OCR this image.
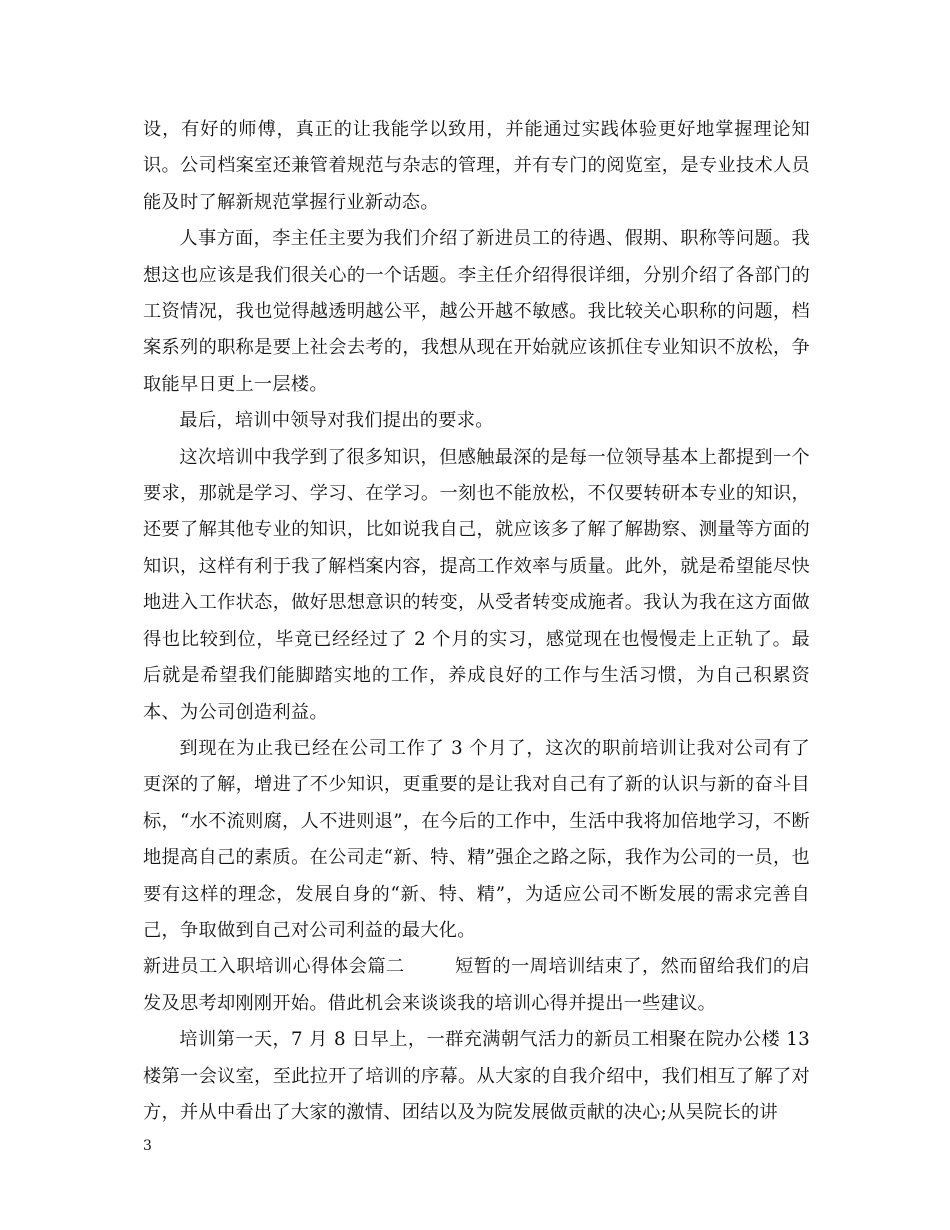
设，有好的师傅，真正的让我能学以致用，并能通过实践体验更好地掌握理论知识。公司档案室还兼管着规范与杂志的管理，并有专门的阅览室，是专业技术人员能及时了解新规范掌握行业新动态。

人事方面，李主任主要为我们介绍了新进员工的待遇、假期、职称等问题。我想这也应该是我们很关心的一个话题。李主任介绍得很详细，分别介绍了各部门的工资情况，我也觉得越透明越公平，越公开越不敏感。我比较关心职称的问题，档案系列的职称是要上社会去考的，我想从现在开始就应该抓住专业知识不放松，争取能早日更上一层楼。

最后，培训中领导对我们提出的要求。

这次培训中我学到了很多知识，但感触最深的是每一位领导基本上都提到一个要求，那就是学习、学习、在学习。一刻也不能放松，不仅要转研本专业的知识，还要了解其他专业的知识，比如说我自己，就应该多了解了解勘察、测量等方面的知识，这样有利于我了解档案内容，提高工作效率与质量。此外，就是希望能尽快地进入工作状态，做好思想意识的转变，从受者转变成施者。我认为我在这方面做得也比较到位，毕竟已经经过了 2 个月的实习，感觉现在也慢慢走上正轨了。最后就是希望我们能脚踏实地的工作，养成良好的工作与生活习惯，为自己积累资本、为公司创造利益。

到现在为止我已经在公司工作了 3 个月了，这次的职前培训让我对公司有了更深的了解，增进了不少知识，更重要的是让我对自己有了新的认识与新的奋斗目标，“水不流则腐，人不进则退”，在今后的工作中，生活中我将加倍地学习，不断地提高自己的素质。在公司走“新、特、精”强企之路之际，我作为公司的一员，也要有这样的理念，发展自身的“新、特、精”，为适应公司不断发展的需求完善自己，争取做到自己对公司利益的最大化。

新进员工入职培训心得体会篇二	短暂的一周培训结束了，然而留给我们的启发及思考却刚刚开始。借此机会来谈谈我的培训心得并提出一些建议。

培训第一天，7 月 8 日早上，一群充满朝气活力的新员工相聚在院办公楼 13 楼第一会议室，至此拉开了培训的序幕。从大家的自我介绍中，我们相互了解了对方，并从中看出了大家的激情、团结以及为院发展做贡献的决心;从吴院长的讲

3
